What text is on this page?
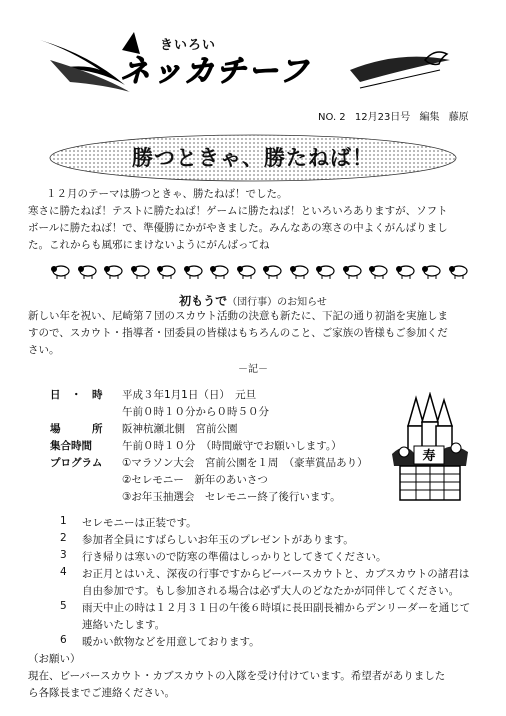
きいろい
ネッカチーフ
NO. 2 12月23日号 編集 藤原
勝つときゃ、勝たねば！
１２月のテーマは勝つときゃ、勝たねば！でした。
寒さに勝たねば！テストに勝たねば！ゲームに勝たねば！といろいろありますが、ソフト
ボールに勝たねば！で、準優勝にかがやきました。みんなあの寒さの中よくがんばりまし
た。これからも風邪にまけないようにがんばってね
初もうで（団行事）のお知らせ
新しい年を祝い、尼崎第７団のスカウト活動の決意も新たに、下記の通り初詣を実施しま
すので、スカウト・指導者・団委員の皆様はもちろんのこと、ご家族の皆様もご参加くだ
さい。
－記－
日　・　時 平成３年1月1日（日）　元旦
午前０時１０分から０時５０分
場　　　所 阪神杭瀬北側　宮前公園
集合時間	午前０時１０分　（時間厳守でお願いします。）
プログラム ①マラソン大会　宮前公園を１周　（豪華賞品あり）
②セレモニー　新年のあいさつ
③お年玉抽選会　セレモニー終了後行います。
寿
1	セレモニーは正装です。
2	参加者全員にすばらしいお年玉のプレゼントがあります。
3	行き帰りは寒いので防寒の準備はしっかりとしてきてください。
4	お正月とはいえ、深夜の行事ですからビーバースカウトと、カブスカウトの諸君は
自由参加です。もし参加される場合は必ず大人のどなたかが同伴してください。
5	雨天中止の時は１２月３１日の午後６時頃に長田副長補からデンリーダーを通じて
連絡いたします。
6	暖かい飲物などを用意しております。
（お願い）
現在、ビーバースカウト・カブスカウトの入隊を受け付けています。希望者がありました
ら各隊長までご連絡ください。
